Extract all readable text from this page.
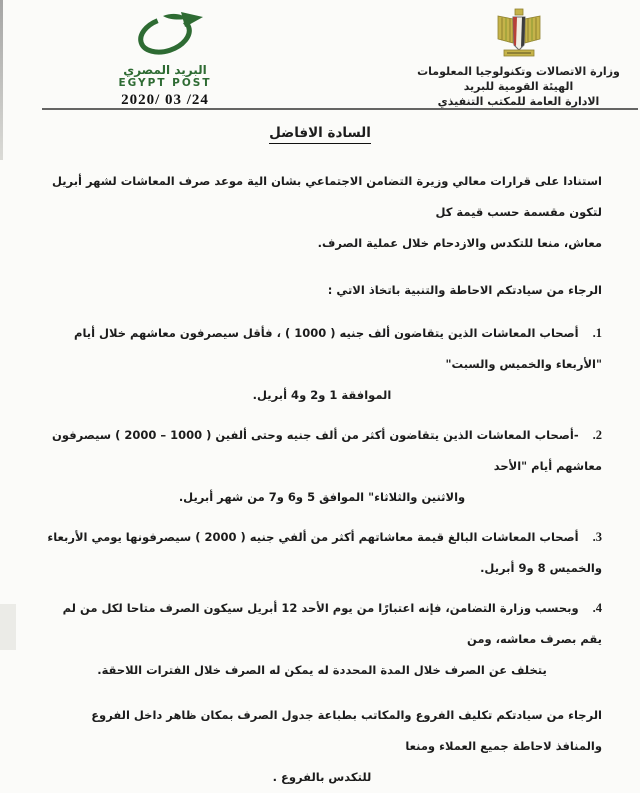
البريد المصري
EGYPT POST
2020/ 03 /24
وزارة الاتصالات وتكنولوجيا المعلومات
الهيئة القومية للبريد
الادارة العامة للمكتب التنفيذي
السادة الافاضل
استنادا على قرارات معالي وزيرة التضامن الاجتماعي بشان الية موعد صرف المعاشات لشهر أبريل لتكون مقسمة حسب قيمة كل
معاش، منعا للتكدس والازدحام خلال عملية الصرف.
الرجاء من سيادتكم الاحاطة والتنبية باتخاذ الاتي :
1.أصحاب المعاشات الذين يتقاضون ألف جنيه ( 1000 ) ، فأقل سيصرفون معاشهم خلال أيام "الأربعاء والخميس والسبت"
الموافقة 1 و2 و4 أبريل.
2.-أصحاب المعاشات الذين يتقاضون أكثر من ألف جنيه وحتى ألفين ( 1000 – 2000 ) سيصرفون معاشهم أيام "الأحد
والاثنين والثلاثاء" الموافق 5 و6 و7 من شهر أبريل.
3.أصحاب المعاشات البالغ قيمة معاشاتهم أكثر من ألفي جنيه ( 2000 ) سيصرفونها يومي الأربعاء والخميس 8 و9 أبريل.
4.وبحسب وزارة التضامن، فإنه اعتبارًا من يوم الأحد 12 أبريل سيكون الصرف متاحا لكل من لم يقم بصرف معاشه، ومن
يتخلف عن الصرف خلال المدة المحددة له يمكن له الصرف خلال الفترات اللاحقة.
الرجاء من سيادتكم تكليف الفروع والمكاتب بطباعة جدول الصرف بمكان ظاهر داخل الفروع والمنافذ لاحاطة جميع العملاء ومنعا
للتكدس بالفروع .
